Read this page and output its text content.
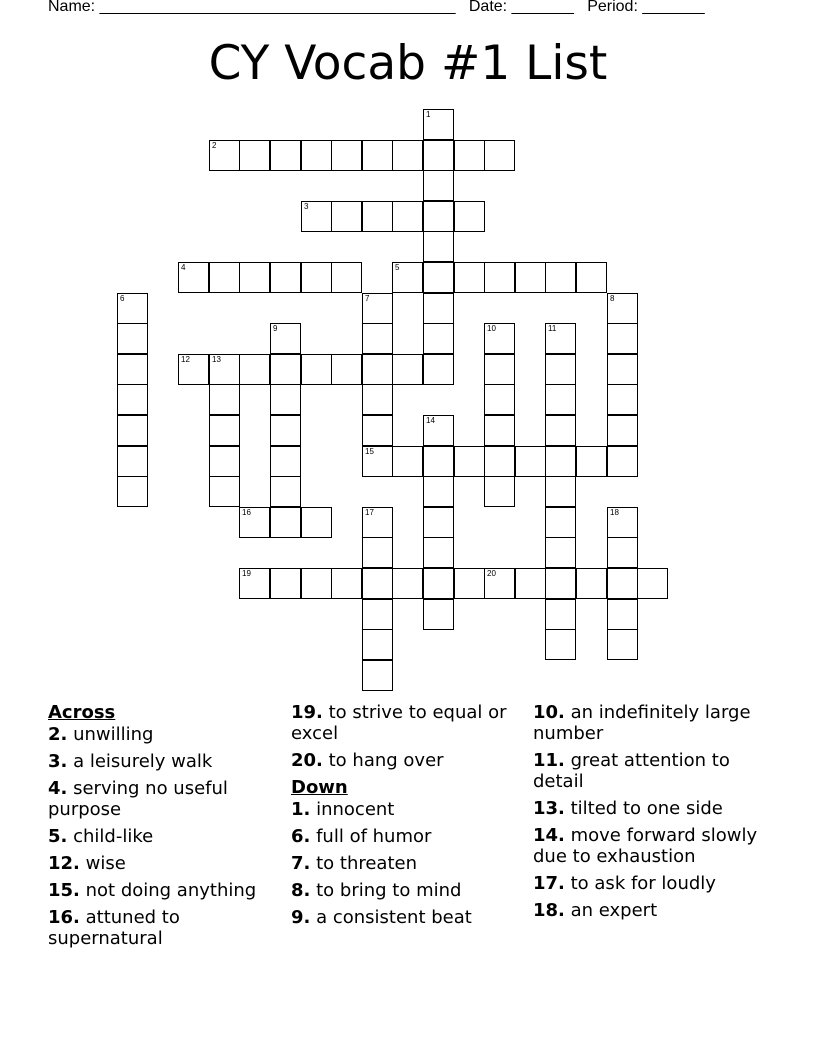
Name: ________________________________________ Date: _______ Period: _______
CY Vocab #1 List
1
2
3
4	5
6	7
15
8
9	10	11
12	13
14
16	17	18
19	20
Across
2. unwilling
3. a leisurely walk
4. serving no useful purpose
5. child-like
12. wise
15. not doing anything
16. attuned to supernatural
19. to strive to equal or excel
20. to hang over
Down
1. innocent
6. full of humor
7. to threaten
8. to bring to mind
9. a consistent beat
10. an indefinitely large number
11. great attention to detail
13. tilted to one side
14. move forward slowly due to exhaustion
17. to ask for loudly
18. an expert
